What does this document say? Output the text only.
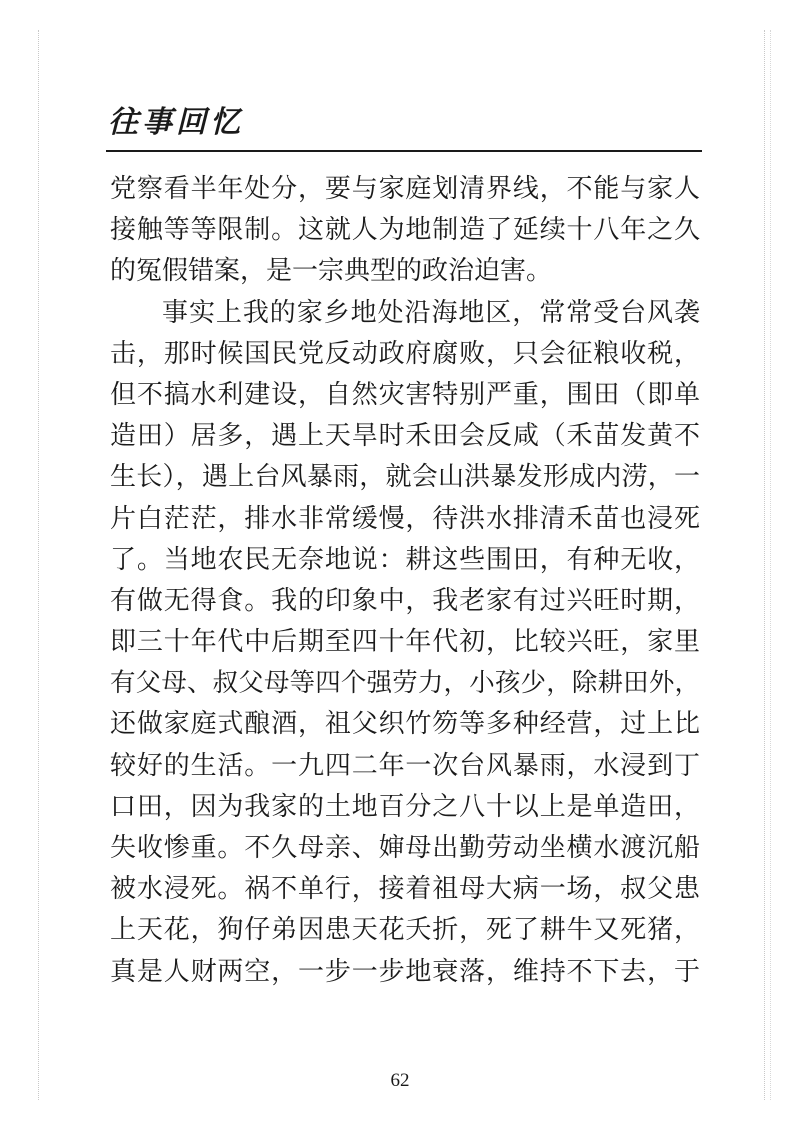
往事回忆
党察看半年处分，要与家庭划清界线，不能与家人
接触等等限制。这就人为地制造了延续十八年之久
的冤假错案，是一宗典型的政治迫害。
事实上我的家乡地处沿海地区，常常受台风袭
击，那时候国民党反动政府腐败，只会征粮收税，
但不搞水利建设，自然灾害特别严重，围田（即单
造田）居多，遇上天旱时禾田会反咸（禾苗发黄不
生长），遇上台风暴雨，就会山洪暴发形成内涝，一
片白茫茫，排水非常缓慢，待洪水排清禾苗也浸死
了。当地农民无奈地说：耕这些围田，有种无收，
有做无得食。我的印象中，我老家有过兴旺时期，
即三十年代中后期至四十年代初，比较兴旺，家里
有父母、叔父母等四个强劳力，小孩少，除耕田外，
还做家庭式酿酒，祖父织竹笏等多种经营，过上比
较好的生活。一九四二年一次台风暴雨，水浸到丁
口田，因为我家的土地百分之八十以上是单造田，
失收惨重。不久母亲、婶母出勤劳动坐横水渡沉船
被水浸死。祸不单行，接着祖母大病一场，叔父患
上天花，狗仔弟因患天花夭折，死了耕牛又死猪，
真是人财两空，一步一步地衰落，维持不下去，于
62
